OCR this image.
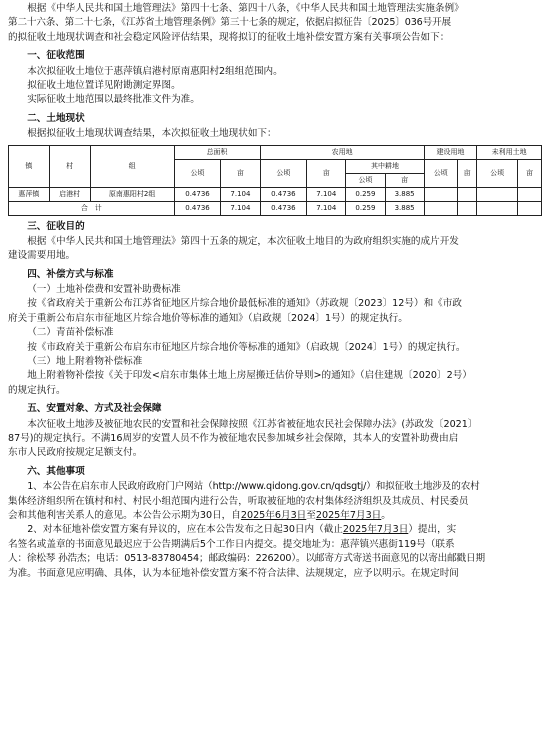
根据《中华人民共和国土地管理法》第四十七条、第四十八条，《中华人民共和国土地管理法实施条例》

第二十六条、第二十七条，《江苏省土地管理条例》第三十七条的规定，依据启拟征告〔2025〕036号开展

的拟征收土地现状调查和社会稳定风险评估结果，现将拟订的征收土地补偿安置方案有关事项公告如下：

一、征收范围

本次拟征收土地位于惠萍镇启港村原南惠阳村2组组范围内。

拟征收土地位置详见附勘测定界图。

实际征收土地范围以最终批准文件为准。

二、土地现状

根据拟征收土地现状调查结果，本次拟征收土地现状如下：

镇	村	组	总面积		农用地				建设用地		未利用土地	
			公顷	亩	公顷	亩	其中耕地		公顷	亩	公顷	亩
							公顷	亩				
惠萍镇	启港村	原南惠阳村2组	0.4736	7.104	0.4736	7.104	0.259	3.885				
合　计			0.4736	7.104	0.4736	7.104	0.259	3.885				

三、征收目的

根据《中华人民共和国土地管理法》第四十五条的规定，本次征收土地目的为政府组织实施的成片开发

建设需要用地。

四、补偿方式与标准

（一）土地补偿费和安置补助费标准

按《省政府关于重新公布江苏省征地区片综合地价最低标准的通知》（苏政规〔2023〕12号）和《市政

府关于重新公布启东市征地区片综合地价等标准的通知》（启政规〔2024〕1号）的规定执行。

（二）青苗补偿标准

按《市政府关于重新公布启东市征地区片综合地价等标准的通知》（启政规〔2024〕1号）的规定执行。

（三）地上附着物补偿标准

地上附着物补偿按《关于印发<启东市集体土地上房屋搬迁估价导则>的通知》（启住建规〔2020〕2号）

的规定执行。

五、安置对象、方式及社会保障

本次征收土地涉及被征地农民的安置和社会保障按照《江苏省被征地农民社会保障办法》(苏政发〔2021〕

87号)的规定执行。不满16周岁的安置人员不作为被征地农民参加城乡社会保障，其本人的安置补助费由启

东市人民政府按规定足额支付。

六、其他事项

1、本公告在启东市人民政府政府门户网站（http://www.qidong.gov.cn/qdsgtj/）和拟征收土地涉及的农村

集体经济组织所在镇村和村、村民小组范围内进行公告，听取被征地的农村集体经济组织及其成员、村民委员

会和其他利害关系人的意见。本公告公示期为30日，自2025年6月3日至2025年7月3日。

2、对本征地补偿安置方案有异议的，应在本公告发布之日起30日内（截止2025年7月3日）提出，实

名签名或盖章的书面意见最迟应于公告期满后5个工作日内提交。提交地址为：惠萍镇兴惠街119号（联系

人：徐松琴 孙浩杰；电话：0513-83780454；邮政编码：226200）。以邮寄方式寄送书面意见的以寄出邮戳日期

为准。书面意见应明确、具体，认为本征地补偿安置方案不符合法律、法规规定，应予以明示。在规定时间
